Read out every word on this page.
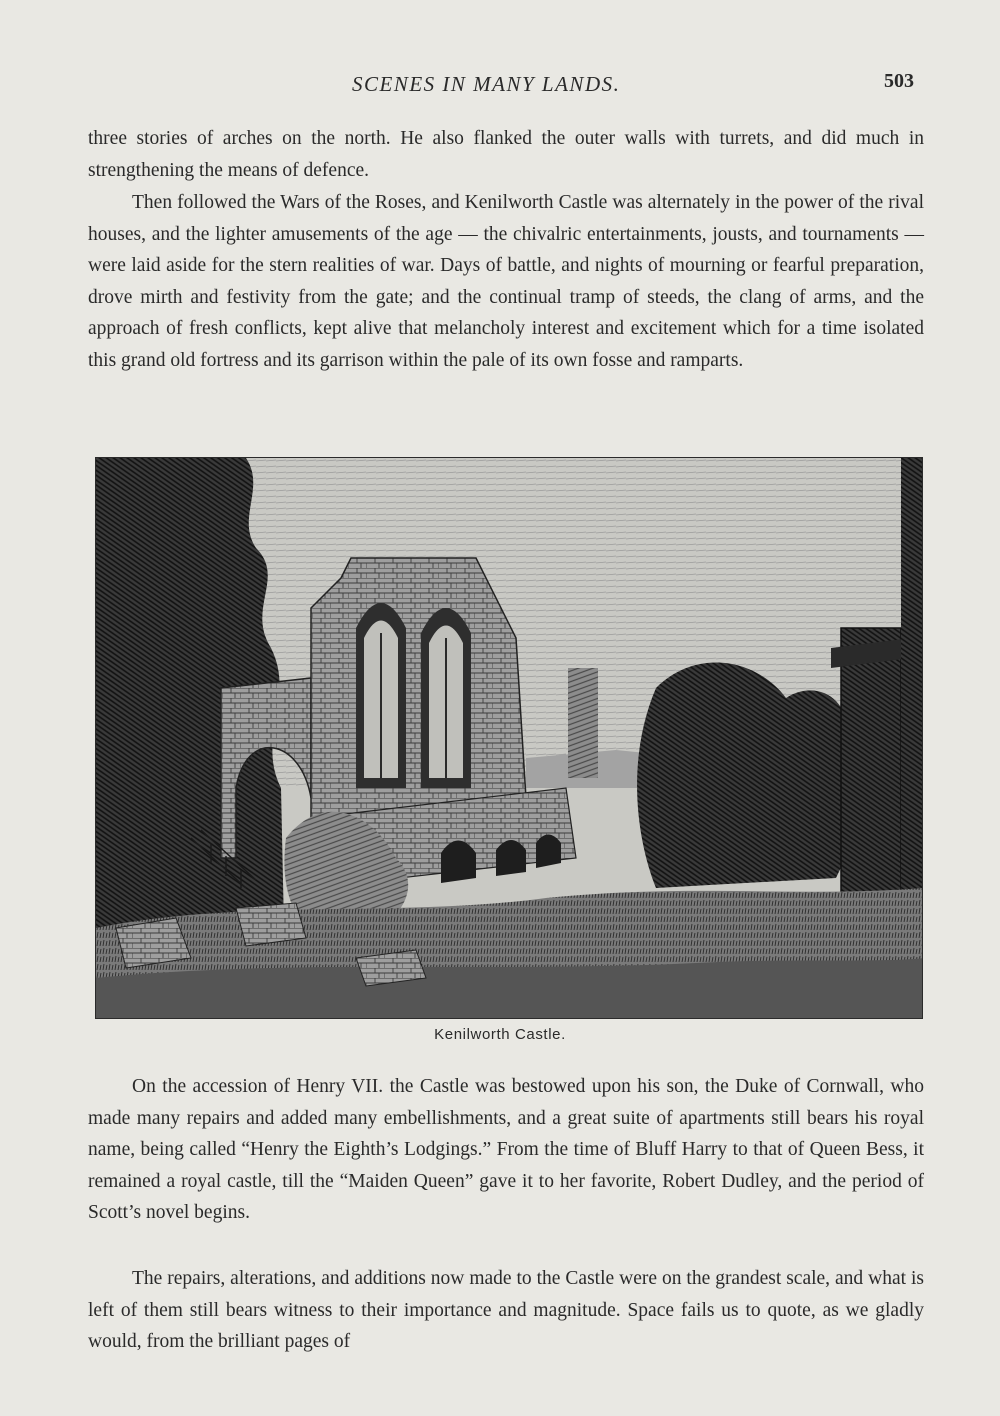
SCENES IN MANY LANDS.	503

three stories of arches on the north. He also flanked the outer walls with turrets, and did much in strengthening the means of defence.

Then followed the Wars of the Roses, and Kenilworth Castle was alternately in the power of the rival houses, and the lighter amusements of the age — the chivalric entertainments, jousts, and tournaments — were laid aside for the stern realities of war. Days of battle, and nights of mourning or fearful preparation, drove mirth and festivity from the gate; and the continual tramp of steeds, the clang of arms, and the approach of fresh conflicts, kept alive that melancholy interest and excitement which for a time isolated this grand old fortress and its garrison within the pale of its own fosse and ramparts.

Kenilworth Castle.

On the accession of Henry VII. the Castle was bestowed upon his son, the Duke of Cornwall, who made many repairs and added many embellishments, and a great suite of apartments still bears his royal name, being called “Henry the Eighth’s Lodgings.” From the time of Bluff Harry to that of Queen Bess, it remained a royal castle, till the “Maiden Queen” gave it to her favorite, Robert Dudley, and the period of Scott’s novel begins.

The repairs, alterations, and additions now made to the Castle were on the grandest scale, and what is left of them still bears witness to their importance and magnitude. Space fails us to quote, as we gladly would, from the brilliant pages of
